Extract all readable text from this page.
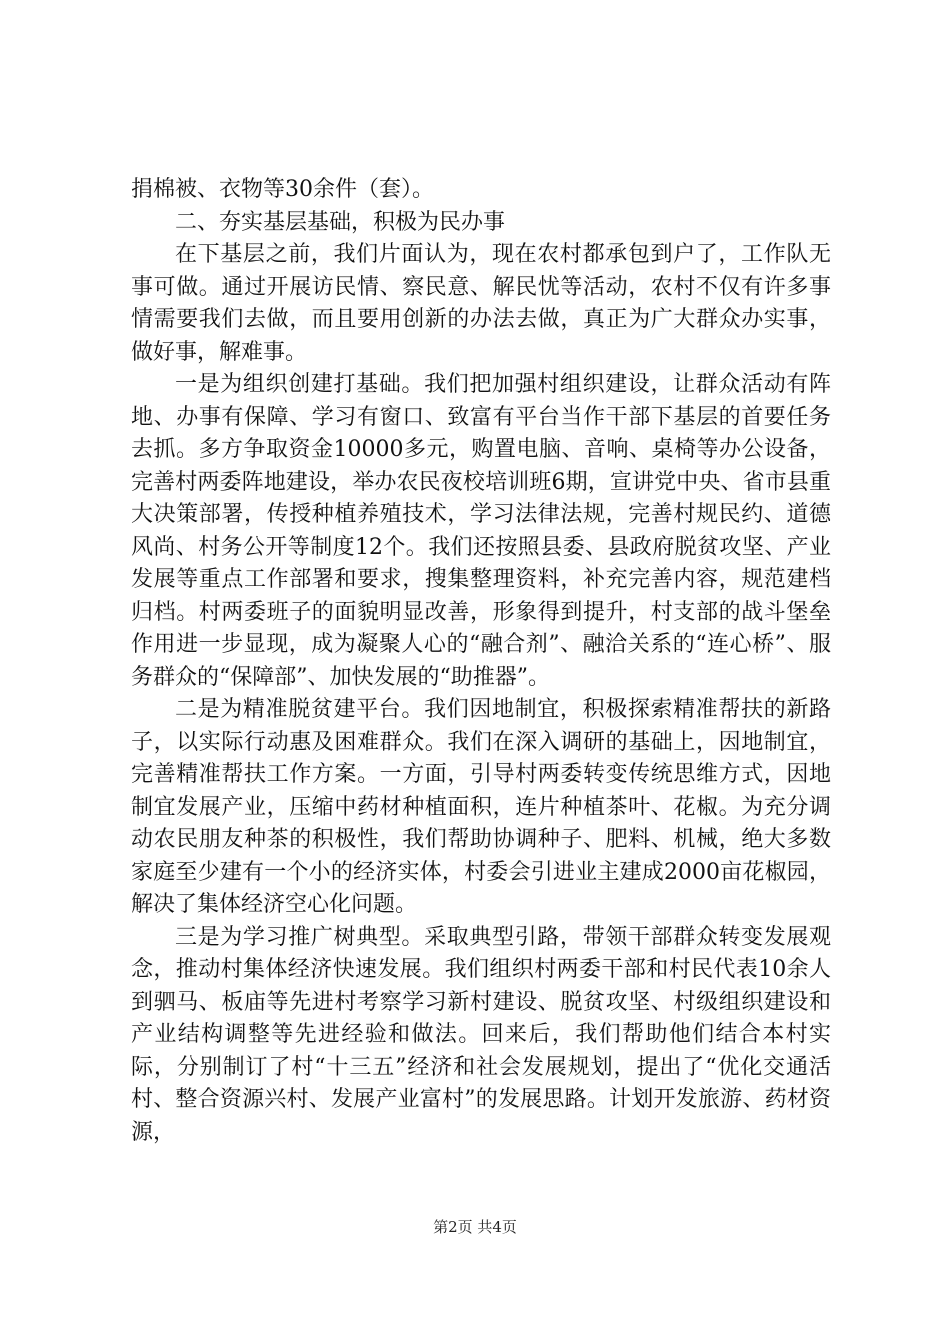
捐棉被、衣物等30余件（套）。

二、夯实基层基础，积极为民办事

在下基层之前，我们片面认为，现在农村都承包到户了，工作队无事可做。通过开展访民情、察民意、解民忧等活动，农村不仅有许多事情需要我们去做，而且要用创新的办法去做，真正为广大群众办实事，做好事，解难事。

一是为组织创建打基础。我们把加强村组织建设，让群众活动有阵地、办事有保障、学习有窗口、致富有平台当作干部下基层的首要任务去抓。多方争取资金10000多元，购置电脑、音响、桌椅等办公设备，完善村两委阵地建设，举办农民夜校培训班6期，宣讲党中央、省市县重大决策部署，传授种植养殖技术，学习法律法规，完善村规民约、道德风尚、村务公开等制度12个。我们还按照县委、县政府脱贫攻坚、产业发展等重点工作部署和要求，搜集整理资料，补充完善内容，规范建档归档。村两委班子的面貌明显改善，形象得到提升，村支部的战斗堡垒作用进一步显现，成为凝聚人心的“融合剂”、融洽关系的“连心桥”、服务群众的“保障部”、加快发展的“助推器”。

二是为精准脱贫建平台。我们因地制宜，积极探索精准帮扶的新路子，以实际行动惠及困难群众。我们在深入调研的基础上，因地制宜，完善精准帮扶工作方案。一方面，引导村两委转变传统思维方式，因地制宜发展产业，压缩中药材种植面积，连片种植茶叶、花椒。为充分调动农民朋友种茶的积极性，我们帮助协调种子、肥料、机械，绝大多数家庭至少建有一个小的经济实体，村委会引进业主建成2000亩花椒园，解决了集体经济空心化问题。

三是为学习推广树典型。采取典型引路，带领干部群众转变发展观念，推动村集体经济快速发展。我们组织村两委干部和村民代表10余人到驷马、板庙等先进村考察学习新村建设、脱贫攻坚、村级组织建设和产业结构调整等先进经验和做法。回来后，我们帮助他们结合本村实际，分别制订了村“十三五”经济和社会发展规划，提出了“优化交通活村、整合资源兴村、发展产业富村”的发展思路。计划开发旅游、药材资源，

第2页 共4页
